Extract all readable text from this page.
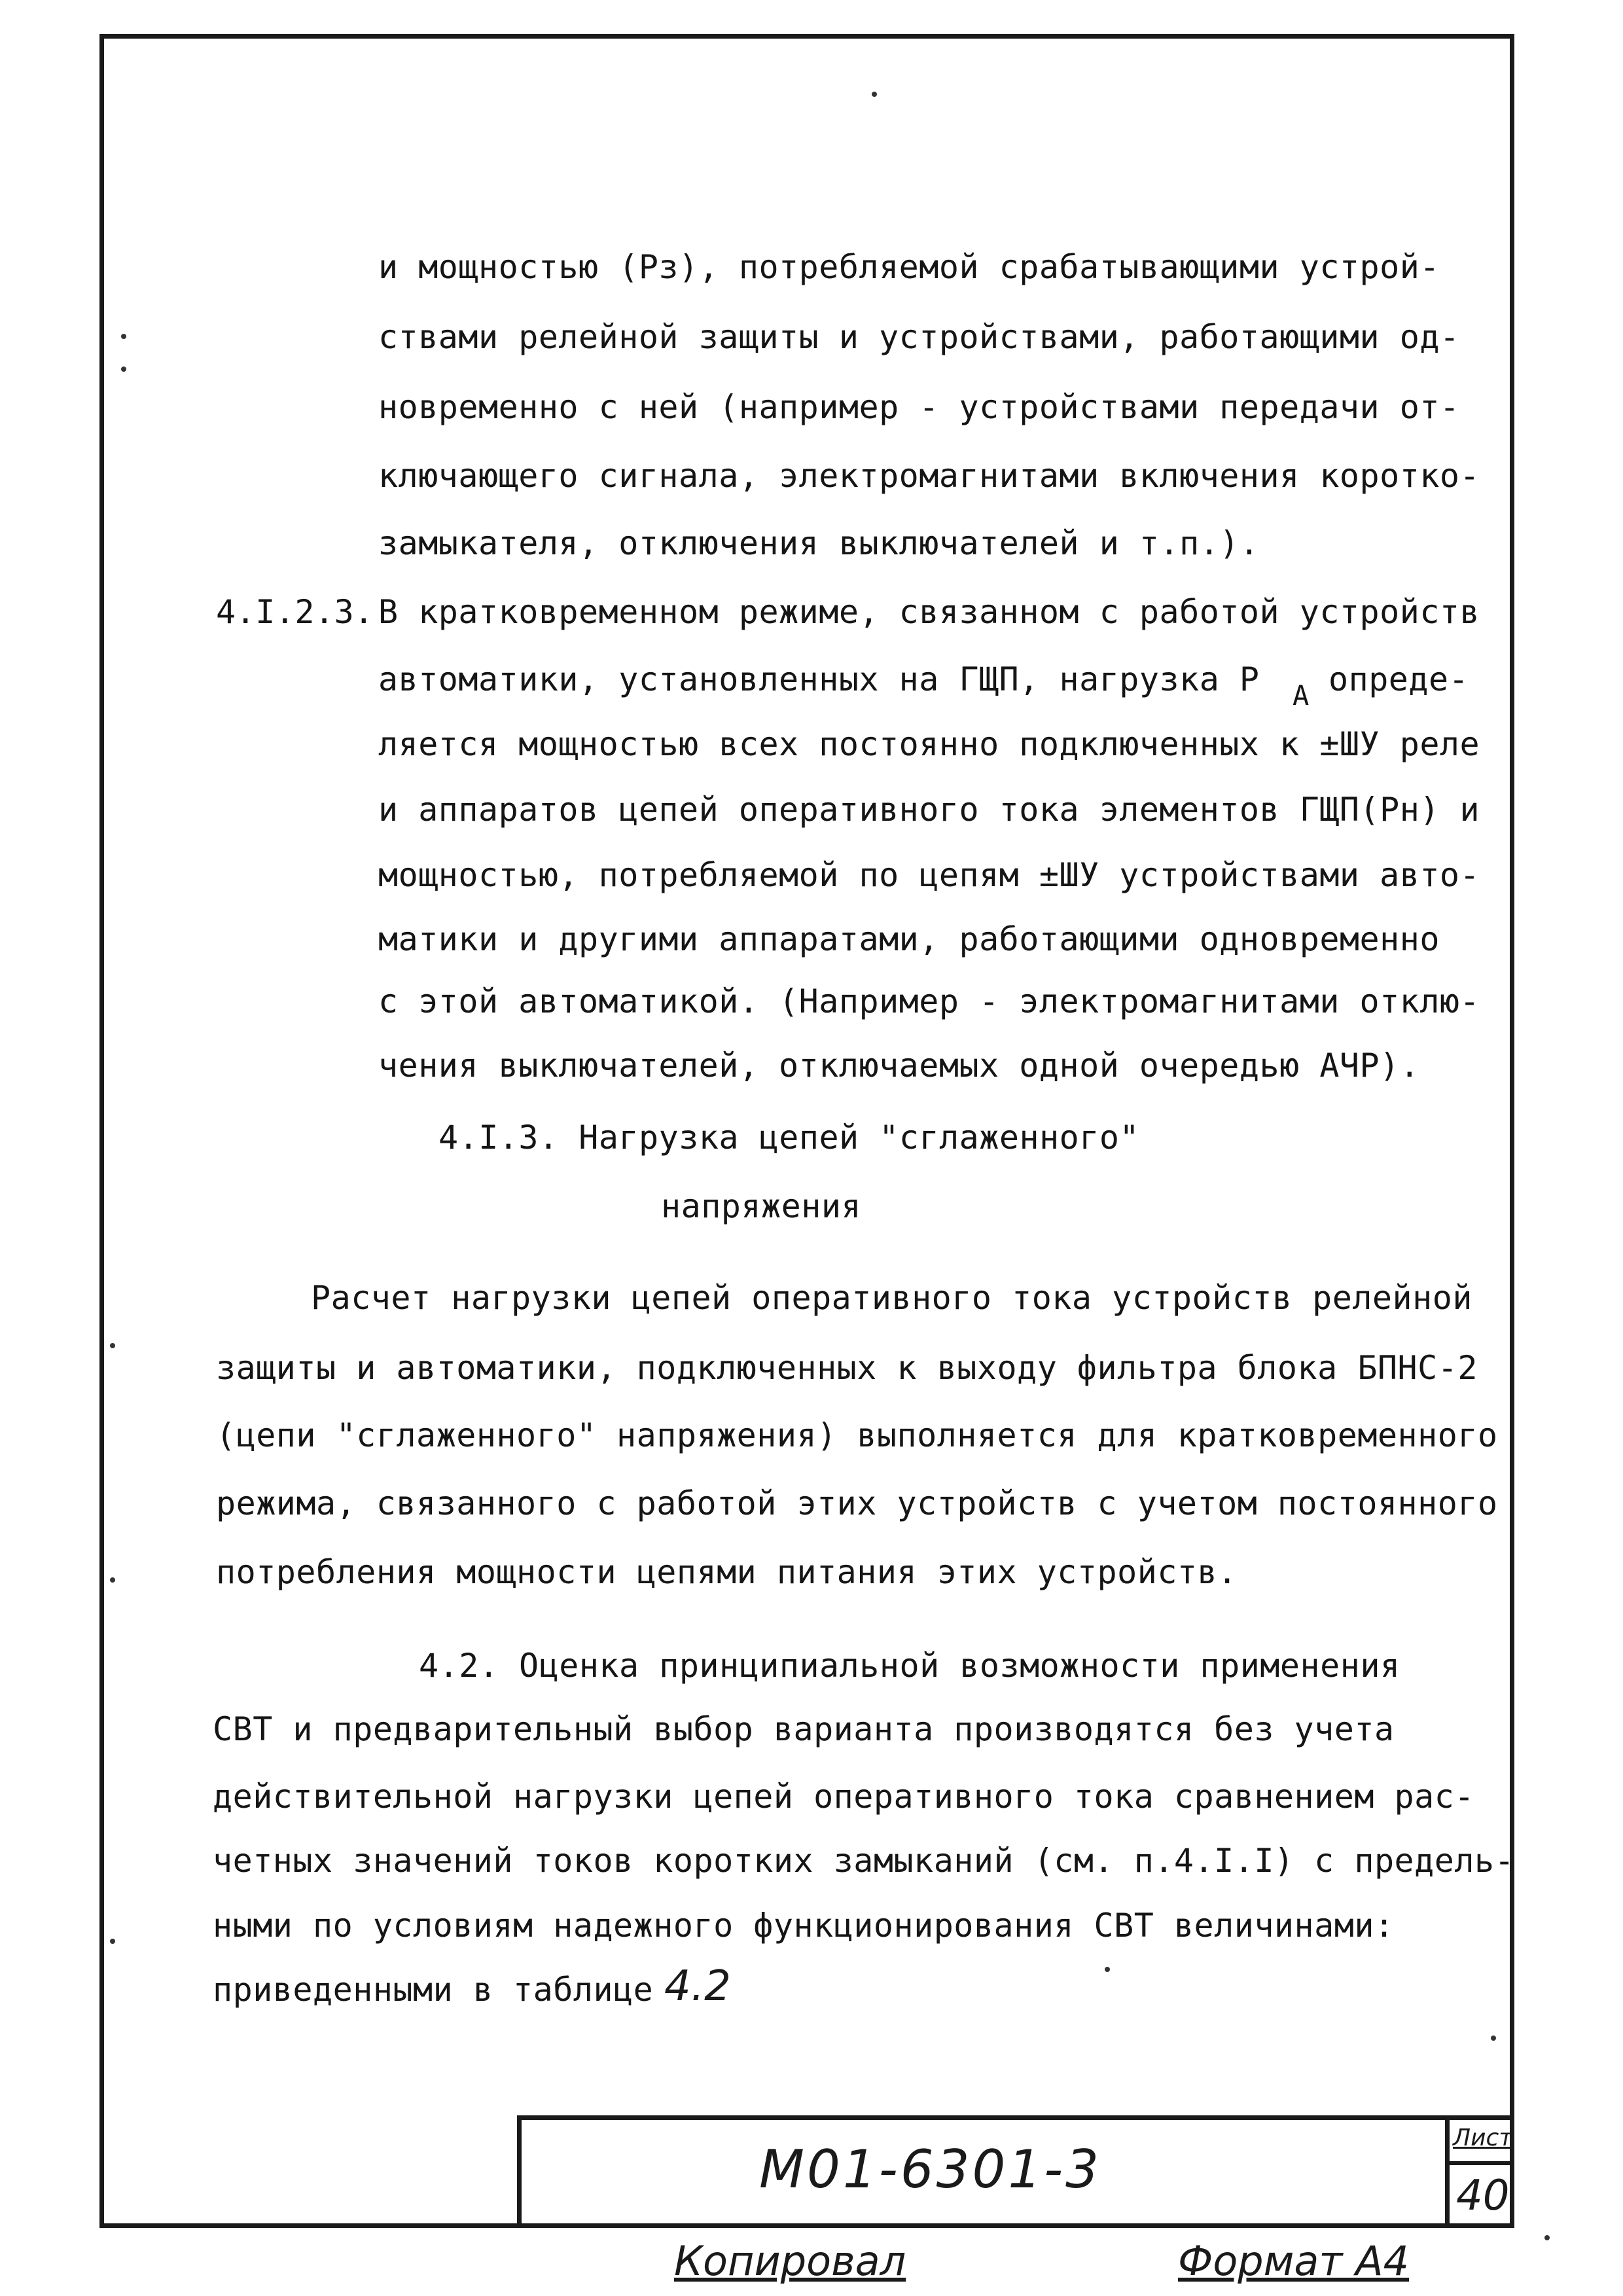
и мощностью (Рз), потребляемой срабатывающими устрой-
ствами релейной защиты и устройствами, работающими од-
новременно с ней (например - устройствами передачи от-
ключающего сигнала, электромагнитами включения коротко-
замыкателя, отключения выключателей и т.п.).
4.I.2.3. В кратковременном режиме, связанном с работой устройств
автоматики, установленных на ГЩП, нагрузка Р А опреде-
ляется мощностью всех постоянно подключенных к ±ШУ реле
и аппаратов цепей оперативного тока элементов ГЩП(Рн) и
мощностью, потребляемой по цепям ±ШУ устройствами авто-
матики и другими аппаратами, работающими одновременно
с этой автоматикой. (Например - электромагнитами отклю-
чения выключателей, отключаемых одной очередью АЧР).
4.I.3. Нагрузка цепей "сглаженного"
напряжения
Расчет нагрузки цепей оперативного тока устройств релейной
защиты и автоматики, подключенных к выходу фильтра блока БПНС-2
(цепи "сглаженного" напряжения) выполняется для кратковременного
режима, связанного с работой этих устройств с учетом постоянного
потребления мощности цепями питания этих устройств.
4.2. Оценка принципиальной возможности применения
СВТ и предварительный выбор варианта производятся без учета
действительной нагрузки цепей оперативного тока сравнением рас-
четных значений токов коротких замыканий (см. п.4.I.I) с предель-
ными по условиям надежного функционирования СВТ величинами:
приведенными в таблице 4.2
М01-6301-3
Лист
40
Копировал	Формат А4
